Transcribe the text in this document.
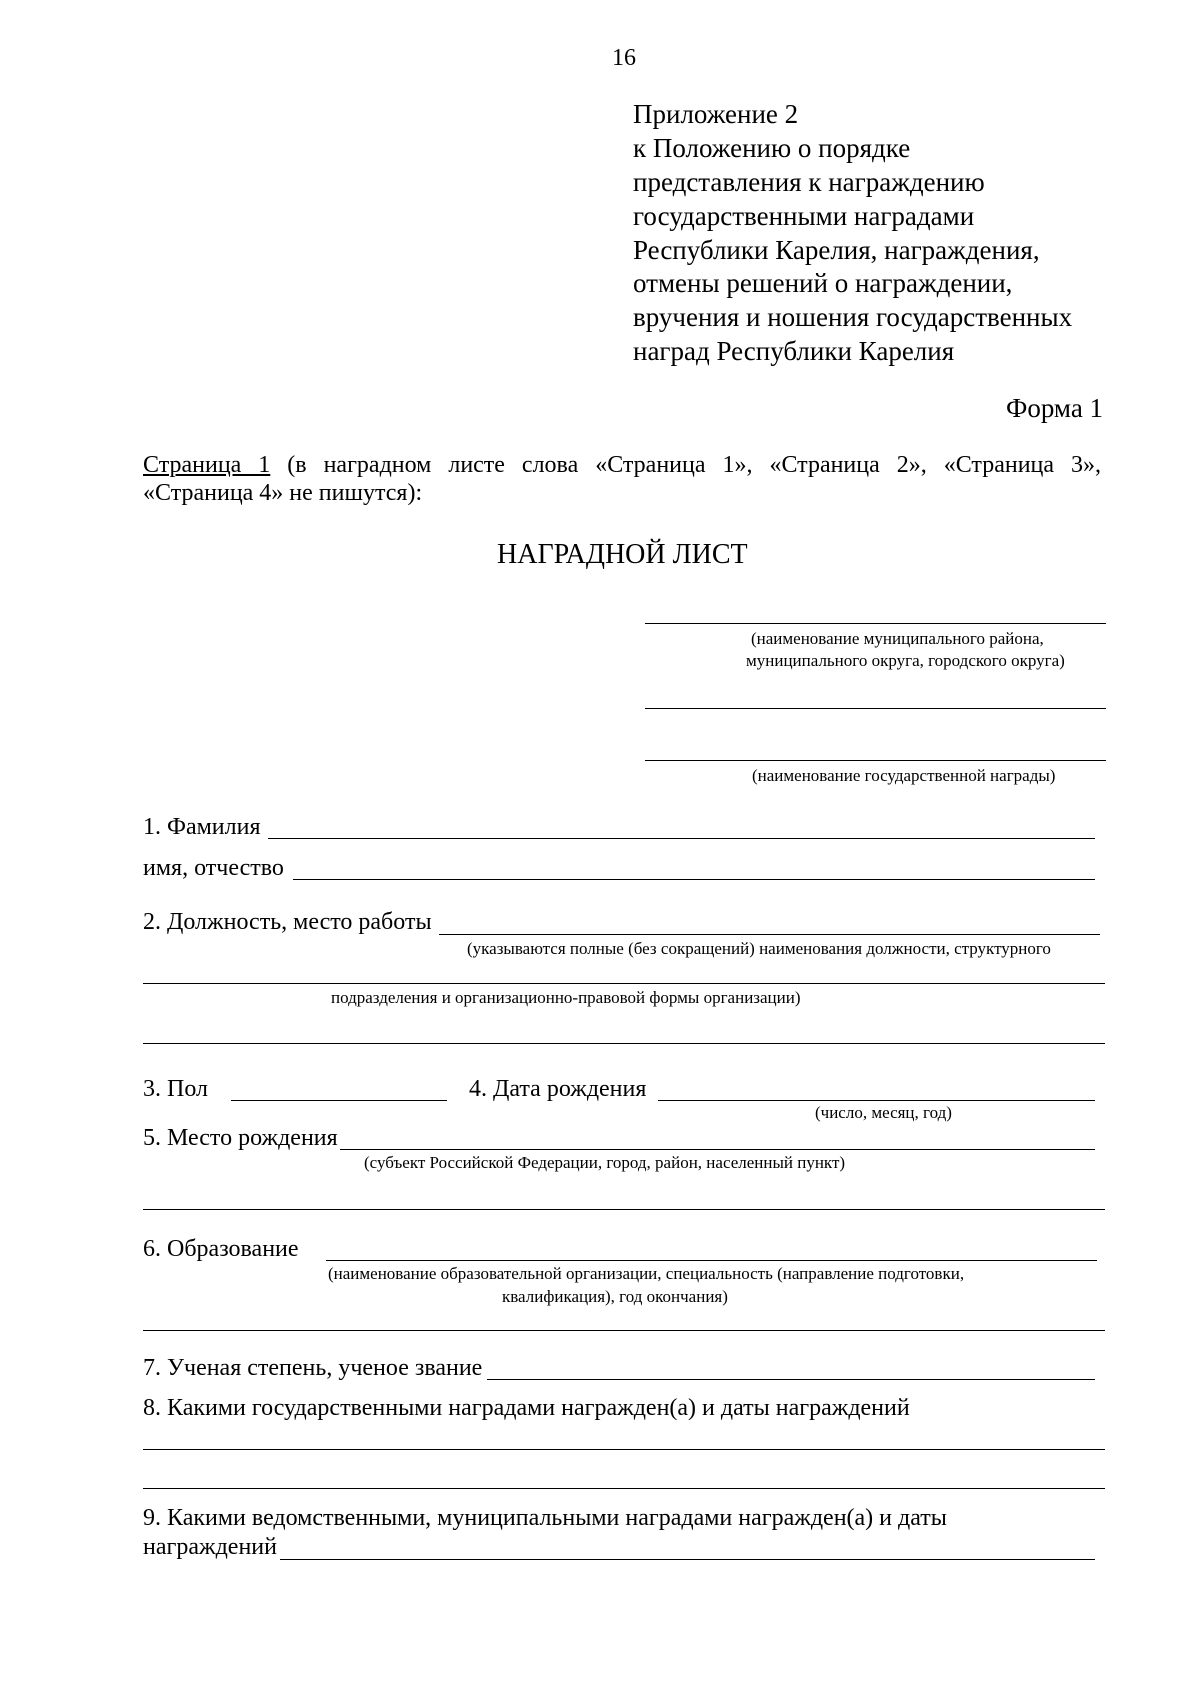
16
Приложение 2
к Положению о порядке
представления к награждению
государственными наградами
Республики Карелия, награждения,
отмены решений о награждении,
вручения и ношения государственных
наград Республики Карелия
Форма 1
Страница 1 (в наградном листе слова «Страница 1», «Страница 2», «Страница 3»,
«Страница 4» не пишутся):
НАГРАДНОЙ ЛИСТ
(наименование муниципального района,
муниципального округа, городского округа)
(наименование государственной награды)
1. Фамилия
имя, отчество
2. Должность, место работы
(указываются полные (без сокращений) наименования должности, структурного
подразделения и организационно-правовой формы организации)
3. Пол	4. Дата рождения
(число, месяц, год)
5. Место рождения
(субъект Российской Федерации, город, район, населенный пункт)
6. Образование
(наименование образовательной организации, специальность (направление подготовки,
квалификация), год окончания)
7. Ученая степень, ученое звание
8. Какими государственными наградами награжден(а) и даты награждений
9. Какими ведомственными, муниципальными наградами награжден(а) и даты
награждений
